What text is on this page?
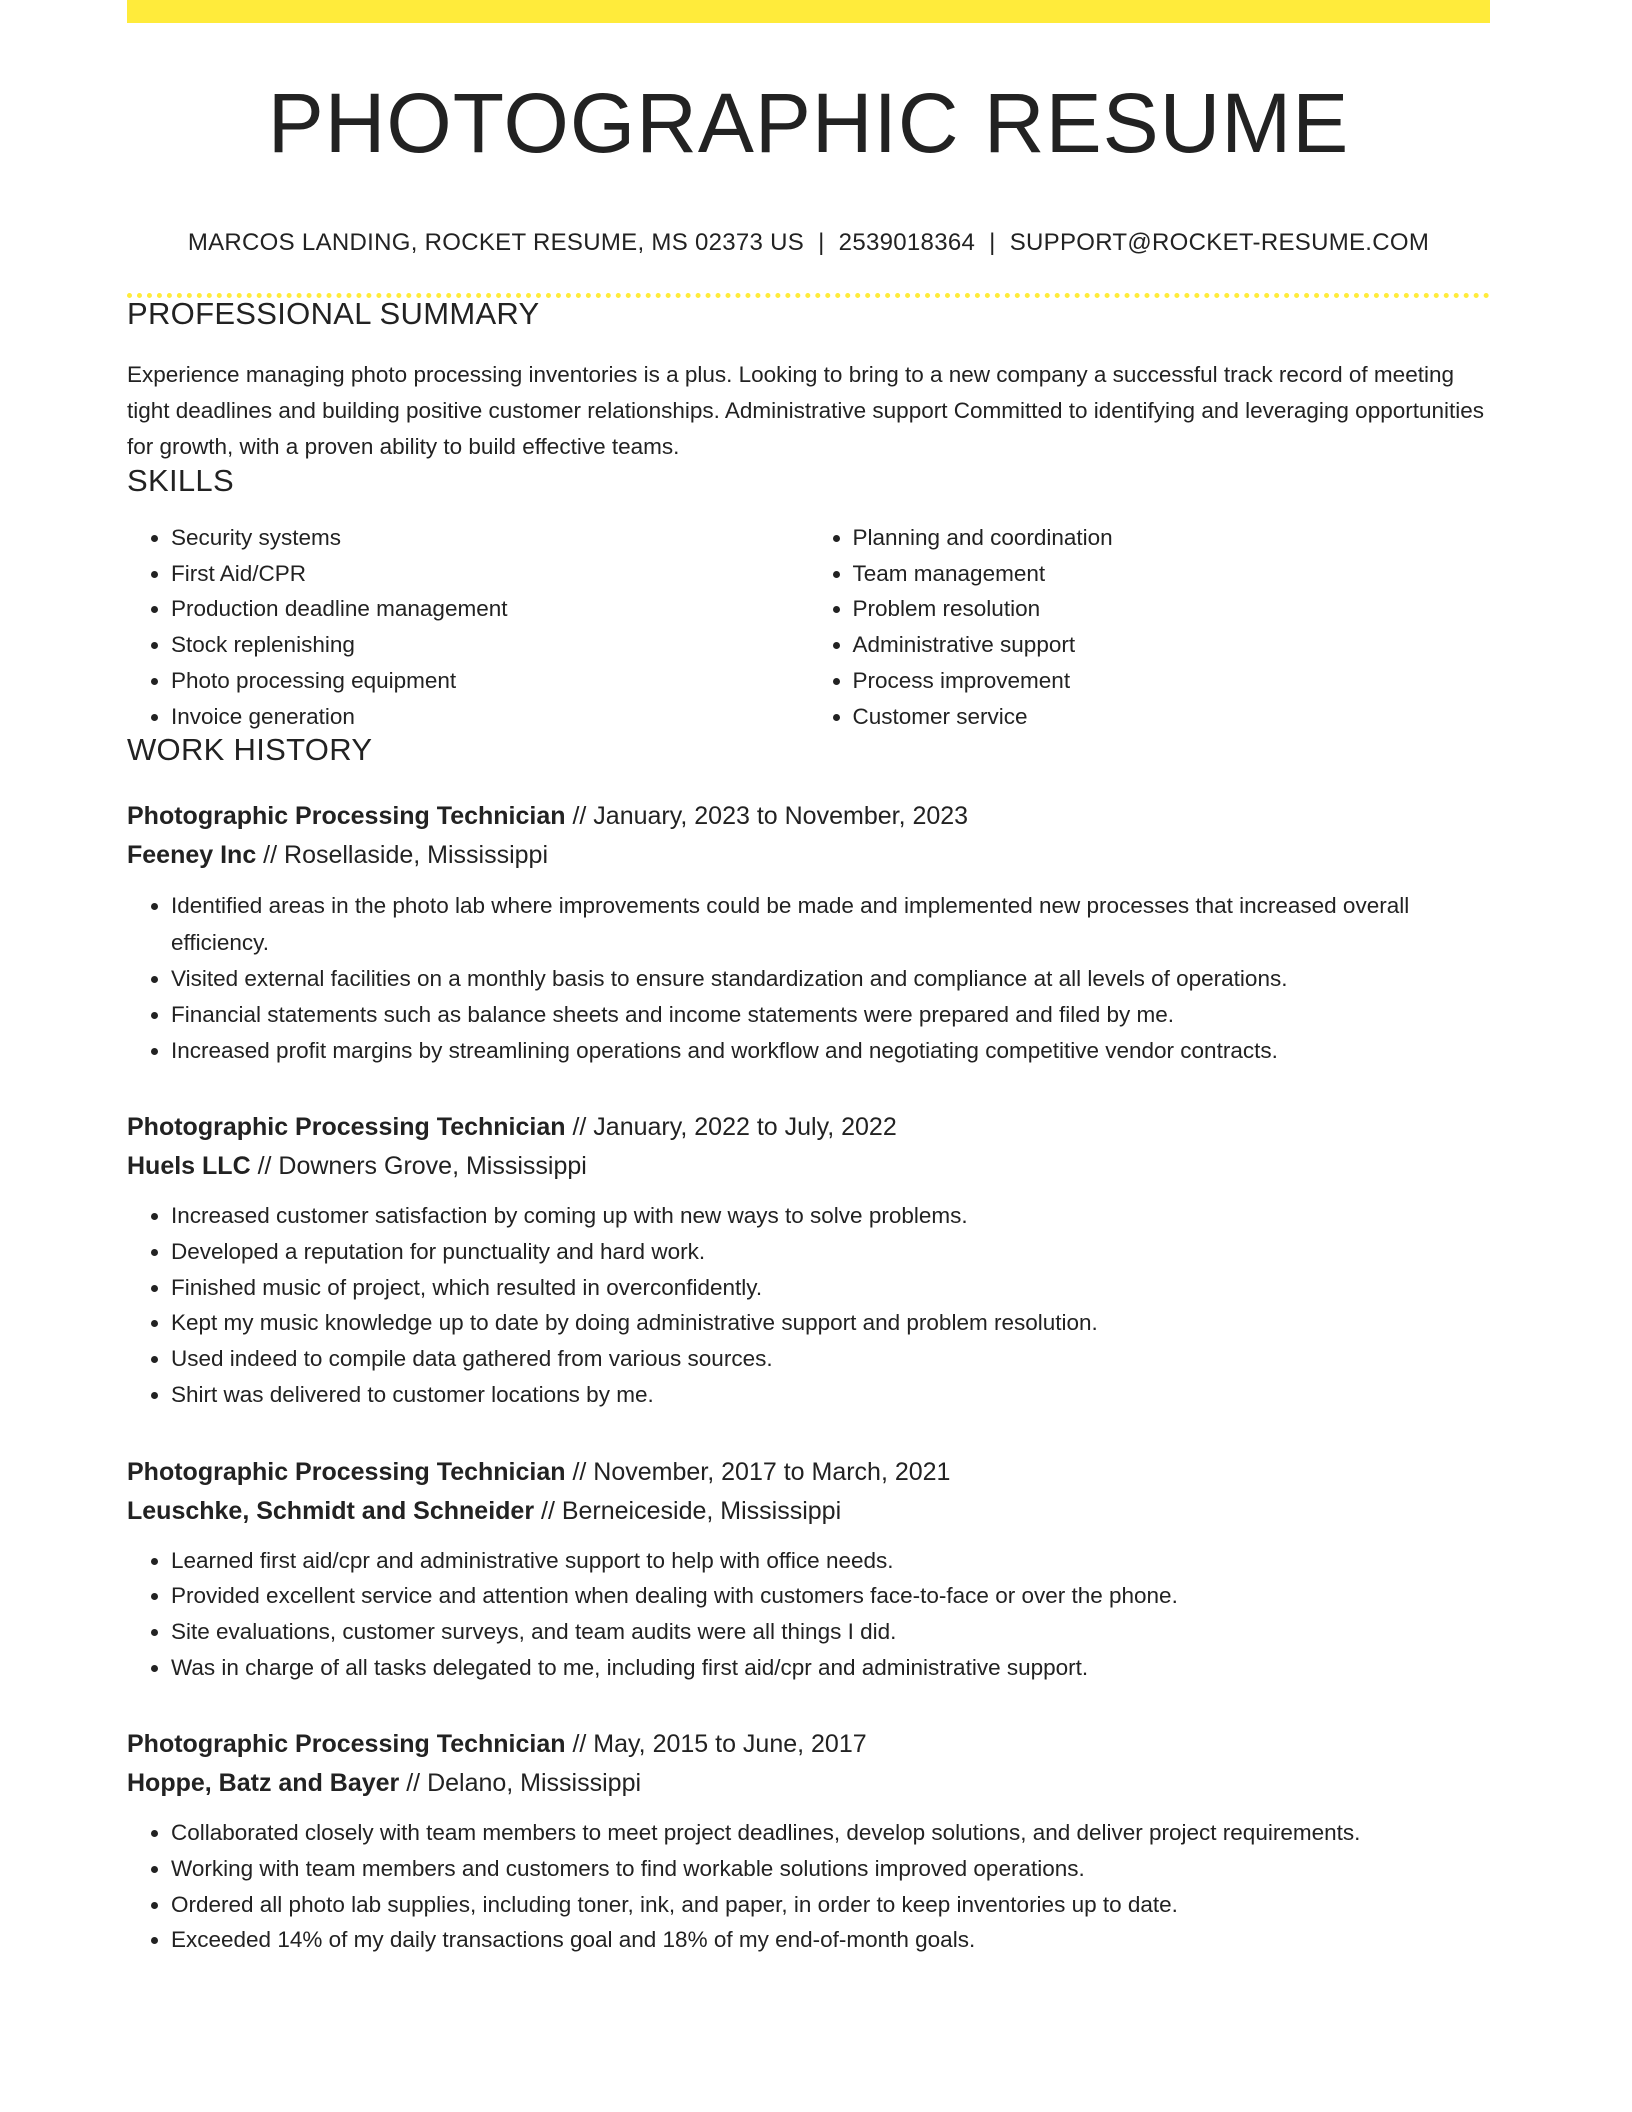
PHOTOGRAPHIC RESUME
MARCOS LANDING, ROCKET RESUME, MS 02373 US | 2539018364 | SUPPORT@ROCKET-RESUME.COM
PROFESSIONAL SUMMARY

Experience managing photo processing inventories is a plus. Looking to bring to a new company a successful track record of meeting tight deadlines and building positive customer relationships. Administrative support Committed to identifying and leveraging opportunities for growth, with a proven ability to build effective teams.

SKILLS
• Security systems
• First Aid/CPR
• Production deadline management
• Stock replenishing
• Photo processing equipment
• Invoice generation
• Planning and coordination
• Team management
• Problem resolution
• Administrative support
• Process improvement
• Customer service
WORK HISTORY
Photographic Processing Technician // January, 2023 to November, 2023
Feeney Inc // Rosellaside, Mississippi
• Identified areas in the photo lab where improvements could be made and implemented new processes that increased overall efficiency.
• Visited external facilities on a monthly basis to ensure standardization and compliance at all levels of operations.
• Financial statements such as balance sheets and income statements were prepared and filed by me.
• Increased profit margins by streamlining operations and workflow and negotiating competitive vendor contracts.
Photographic Processing Technician // January, 2022 to July, 2022
Huels LLC // Downers Grove, Mississippi
• Increased customer satisfaction by coming up with new ways to solve problems.
• Developed a reputation for punctuality and hard work.
• Finished music of project, which resulted in overconfidently.
• Kept my music knowledge up to date by doing administrative support and problem resolution.
• Used indeed to compile data gathered from various sources.
• Shirt was delivered to customer locations by me.
Photographic Processing Technician // November, 2017 to March, 2021
Leuschke, Schmidt and Schneider // Berneiceside, Mississippi
• Learned first aid/cpr and administrative support to help with office needs.
• Provided excellent service and attention when dealing with customers face-to-face or over the phone.
• Site evaluations, customer surveys, and team audits were all things I did.
• Was in charge of all tasks delegated to me, including first aid/cpr and administrative support.
Photographic Processing Technician // May, 2015 to June, 2017
Hoppe, Batz and Bayer // Delano, Mississippi
• Collaborated closely with team members to meet project deadlines, develop solutions, and deliver project requirements.
• Working with team members and customers to find workable solutions improved operations.
• Ordered all photo lab supplies, including toner, ink, and paper, in order to keep inventories up to date.
• Exceeded 14% of my daily transactions goal and 18% of my end-of-month goals.
